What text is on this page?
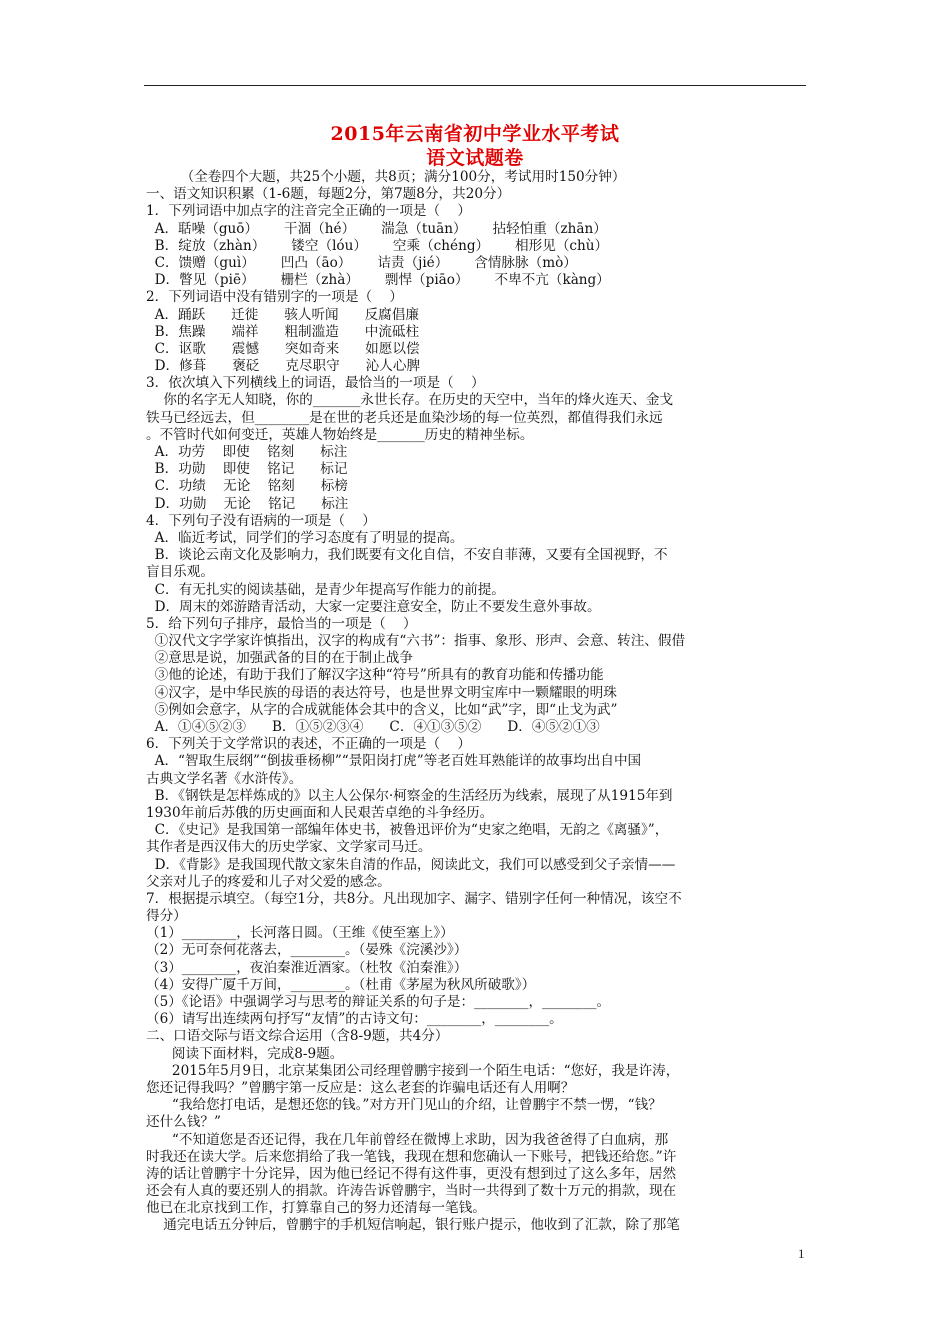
2015年云南省初中学业水平考试
语文试题卷
（全卷四个大题，共25个小题，共8页；满分100分，考试用时150分钟）
一、语文知识积累（1-6题，每题2分，第7题8分，共20分）
1．下列词语中加点字的注音完全正确的一项是（    ）
A．聒噪（guō）      干涸（hé）      湍急（tuān）      拈轻怕重（zhān）
B．绽放（zhàn）      镂空（lóu）      空乘（chéng）      相形见（chù）
C．馈赠（guì）      凹凸（āo）      诘责（jié）      含情脉脉（mò）
D．瞥见（piē）      栅栏（zhà）      剽悍（piāo）      不卑不亢（kàng）
2．下列词语中没有错别字的一项是（    ）
A．踊跃      迁徙      骇人听闻      反腐倡廉
B．焦躁      端祥      粗制滥造      中流砥柱
C．讴歌      震憾      突如奇来      如愿以偿
D．修葺      褒砭      克尽职守      沁人心脾
3．依次填入下列横线上的词语，最恰当的一项是（    ）
你的名字无人知晓，你的_______永世长存。在历史的天空中，当年的烽火连天、金戈
铁马已经远去，但________是在世的老兵还是血染沙场的每一位英烈，都值得我们永远
。不管时代如何变迁，英雄人物始终是_______历史的精神坐标。
A．功劳    即使    铭刻      标注
B．功勋    即使    铭记      标记
C．功绩    无论    铭刻      标榜
D．功勋    无论    铭记      标注
4．下列句子没有语病的一项是（    ）
A．临近考试，同学们的学习态度有了明显的提高。
B．谈论云南文化及影响力，我们既要有文化自信，不安自菲薄，又要有全国视野，不
盲目乐观。
C．有无扎实的阅读基础，是青少年提高写作能力的前提。
D．周末的郊游踏青活动，大家一定要注意安全，防止不要发生意外事故。
5．给下列句子排序，最恰当的一项是（    ）
①汉代文字学家许慎指出，汉字的构成有“六书”：指事、象形、形声、会意、转注、假借
②意思是说，加强武备的目的在于制止战争
③他的论述，有助于我们了解汉字这种“符号”所具有的教育功能和传播功能
④汉字，是中华民族的母语的表达符号，也是世界文明宝库中一颗耀眼的明珠
⑤例如会意字，从字的合成就能体会其中的含义，比如“武”字，即“止戈为武”
A．①④⑤②③      B．①⑤②③④      C．④①③⑤②      D．④⑤②①③
6．下列关于文学常识的表述，不正确的一项是（    ）
A．“智取生辰纲”“倒拔垂杨柳”“景阳岗打虎”等老百姓耳熟能详的故事均出自中国
古典文学名著《水浒传》。
B．《钢铁是怎样炼成的》以主人公保尔·柯察金的生活经历为线索，展现了从1915年到
1930年前后苏俄的历史画面和人民艰苦卓绝的斗争经历。
C．《史记》是我国第一部编年体史书，被鲁迅评价为“史家之绝唱，无韵之《离骚》”，
其作者是西汉伟大的历史学家、文学家司马迁。
D．《背影》是我国现代散文家朱自清的作品，阅读此文，我们可以感受到父子亲情——
父亲对儿子的疼爱和儿子对父爱的感念。
7．根据提示填空。（每空1分，共8分。凡出现加字、漏字、错别字任何一种情况，该空不
得分）
（1）________，长河落日圆。（王维《使至塞上》）
（2）无可奈何花落去，________。（晏殊《浣溪沙》）
（3）________，夜泊秦淮近酒家。（杜牧《泊秦淮》）
（4）安得广厦千万间，________。（杜甫《茅屋为秋风所破歌》）
（5）《论语》中强调学习与思考的辩证关系的句子是：________，________。
（6）请写出连续两句抒写“友情”的古诗文句：________，________。
二、口语交际与语文综合运用（含8-9题，共4分）
阅读下面材料，完成8-9题。
2015年5月9日，北京某集团公司经理曾鹏宇接到一个陌生电话：“您好，我是许涛，
您还记得我吗？”曾鹏宇第一反应是：这么老套的诈骗电话还有人用啊？
“我给您打电话，是想还您的钱。”对方开门见山的介绍，让曾鹏宇不禁一愣，“钱？
还什么钱？”
“不知道您是否还记得，我在几年前曾经在微博上求助，因为我爸爸得了白血病，那
时我还在读大学。后来您捐给了我一笔钱，我现在想和您确认一下账号，把钱还给您。”许
涛的话让曾鹏宇十分诧异，因为他已经记不得有这件事，更没有想到过了这么多年，居然
还会有人真的要还别人的捐款。许涛告诉曾鹏宇，当时一共得到了数十万元的捐款，现在
他已在北京找到工作，打算靠自己的努力还清每一笔钱。
通完电话五分钟后，曾鹏宇的手机短信响起，银行账户提示，他收到了汇款，除了那笔
1
